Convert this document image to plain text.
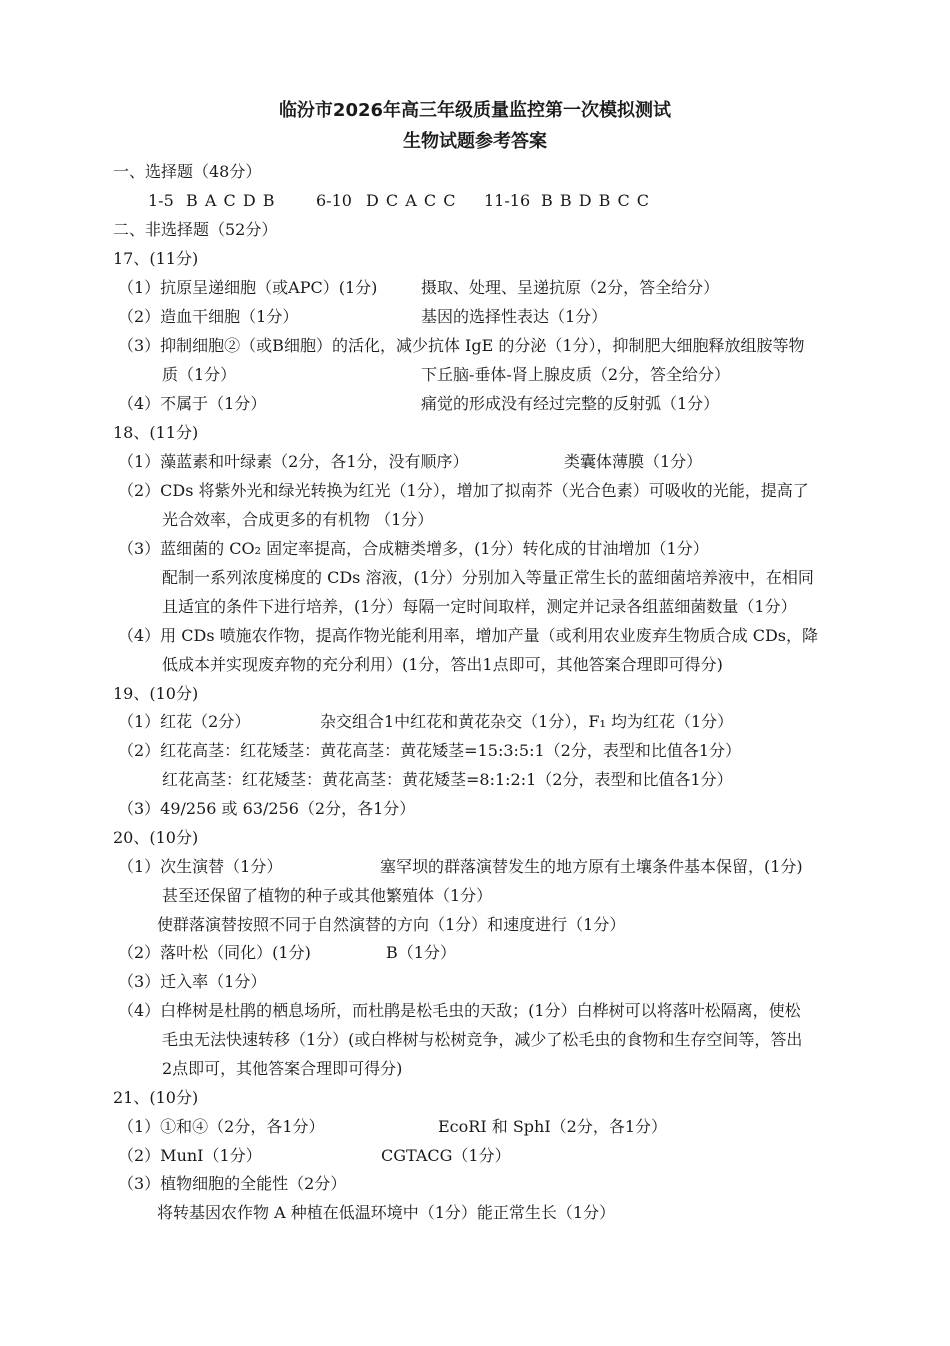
临汾市2026年高三年级质量监控第一次模拟测试
生物试题参考答案
一、选择题（48分）
1-5 B A C D B	6-10 D C A C C 11-16 B B D B C C
二、非选择题（52分）
17、(11分)
（1）抗原呈递细胞（或APC）(1分)	摄取、处理、呈递抗原（2分，答全给分）
（2）造血干细胞（1分）	基因的选择性表达（1分）
（3）抑制细胞②（或B细胞）的活化，减少抗体 IgE 的分泌（1分），抑制肥大细胞释放组胺等物
质（1分）	下丘脑-垂体-肾上腺皮质（2分，答全给分）
（4）不属于（1分）	痛觉的形成没有经过完整的反射弧（1分）
18、(11分)
（1）藻蓝素和叶绿素（2分，各1分，没有顺序）	类囊体薄膜（1分）
（2）CDs 将紫外光和绿光转换为红光（1分），增加了拟南芥（光合色素）可吸收的光能，提高了
光合效率，合成更多的有机物 （1分）
（3）蓝细菌的 CO₂ 固定率提高，合成糖类增多，(1分）转化成的甘油增加（1分）
配制一系列浓度梯度的 CDs 溶液，(1分）分别加入等量正常生长的蓝细菌培养液中，在相同
且适宜的条件下进行培养，(1分）每隔一定时间取样，测定并记录各组蓝细菌数量（1分）
（4）用 CDs 喷施农作物，提高作物光能利用率，增加产量（或利用农业废弃生物质合成 CDs，降
低成本并实现废弃物的充分利用）(1分，答出1点即可，其他答案合理即可得分)
19、(10分)
（1）红花（2分）	杂交组合1中红花和黄花杂交（1分），F₁ 均为红花（1分）
（2）红花高茎：红花矮茎：黄花高茎：黄花矮茎=15:3:5:1（2分，表型和比值各1分）
红花高茎：红花矮茎：黄花高茎：黄花矮茎=8:1:2:1（2分，表型和比值各1分）
（3）49/256 或 63/256（2分，各1分）
20、(10分)
（1）次生演替（1分）	塞罕坝的群落演替发生的地方原有土壤条件基本保留，(1分)
甚至还保留了植物的种子或其他繁殖体（1分）
使群落演替按照不同于自然演替的方向（1分）和速度进行（1分）
（2）落叶松（同化）(1分)	B（1分）
（3）迁入率（1分）
（4）白桦树是杜鹃的栖息场所，而杜鹃是松毛虫的天敌；(1分）白桦树可以将落叶松隔离，使松
毛虫无法快速转移（1分）(或白桦树与松树竞争，减少了松毛虫的食物和生存空间等，答出
2点即可，其他答案合理即可得分)
21、(10分)
（1）①和④（2分，各1分）	EcoRI 和 SphI（2分，各1分）
（2）MunI（1分）	CGTACG（1分）
（3）植物细胞的全能性（2分）
将转基因农作物 A 种植在低温环境中（1分）能正常生长（1分）
